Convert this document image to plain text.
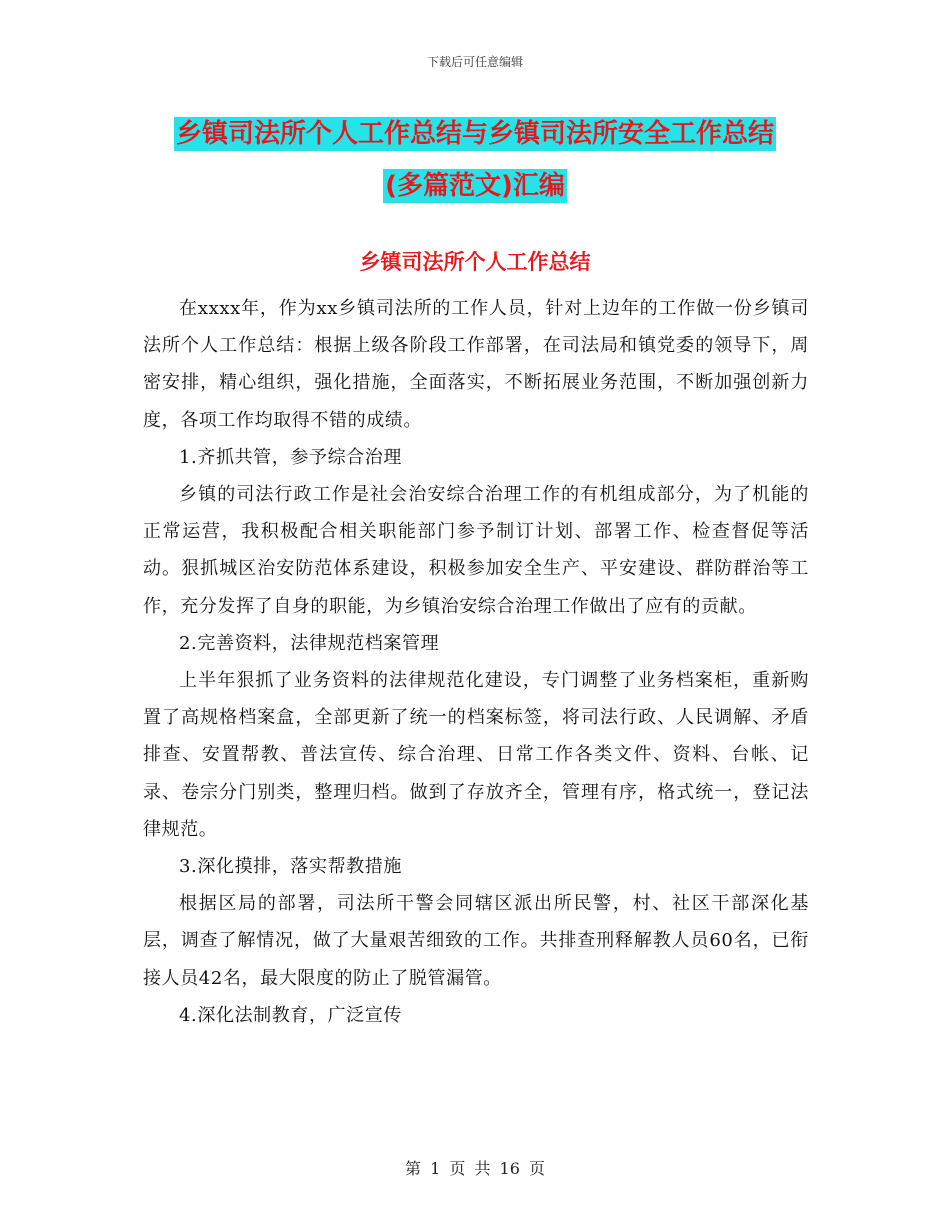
下载后可任意编辑
乡镇司法所个人工作总结与乡镇司法所安全工作总结
(多篇范文)汇编
乡镇司法所个人工作总结

在xxxx年，作为xx乡镇司法所的工作人员，针对上边年的工作做一份乡镇司法所个人工作总结：根据上级各阶段工作部署，在司法局和镇党委的领导下，周密安排，精心组织，强化措施，全面落实，不断拓展业务范围，不断加强创新力度，各项工作均取得不错的成绩。

1.齐抓共管，参予综合治理

乡镇的司法行政工作是社会治安综合治理工作的有机组成部分，为了机能的正常运营，我积极配合相关职能部门参予制订计划、部署工作、检查督促等活动。狠抓城区治安防范体系建设，积极参加安全生产、平安建设、群防群治等工作，充分发挥了自身的职能，为乡镇治安综合治理工作做出了应有的贡献。

2.完善资料，法律规范档案管理

上半年狠抓了业务资料的法律规范化建设，专门调整了业务档案柜，重新购置了高规格档案盒，全部更新了统一的档案标签，将司法行政、人民调解、矛盾排查、安置帮教、普法宣传、综合治理、日常工作各类文件、资料、台帐、记录、卷宗分门别类，整理归档。做到了存放齐全，管理有序，格式统一，登记法律规范。

3.深化摸排，落实帮教措施

根据区局的部署，司法所干警会同辖区派出所民警，村、社区干部深化基层，调查了解情况，做了大量艰苦细致的工作。共排查刑释解教人员60名，已衔接人员42名，最大限度的防止了脱管漏管。

4.深化法制教育，广泛宣传

第 1 页 共 16 页
